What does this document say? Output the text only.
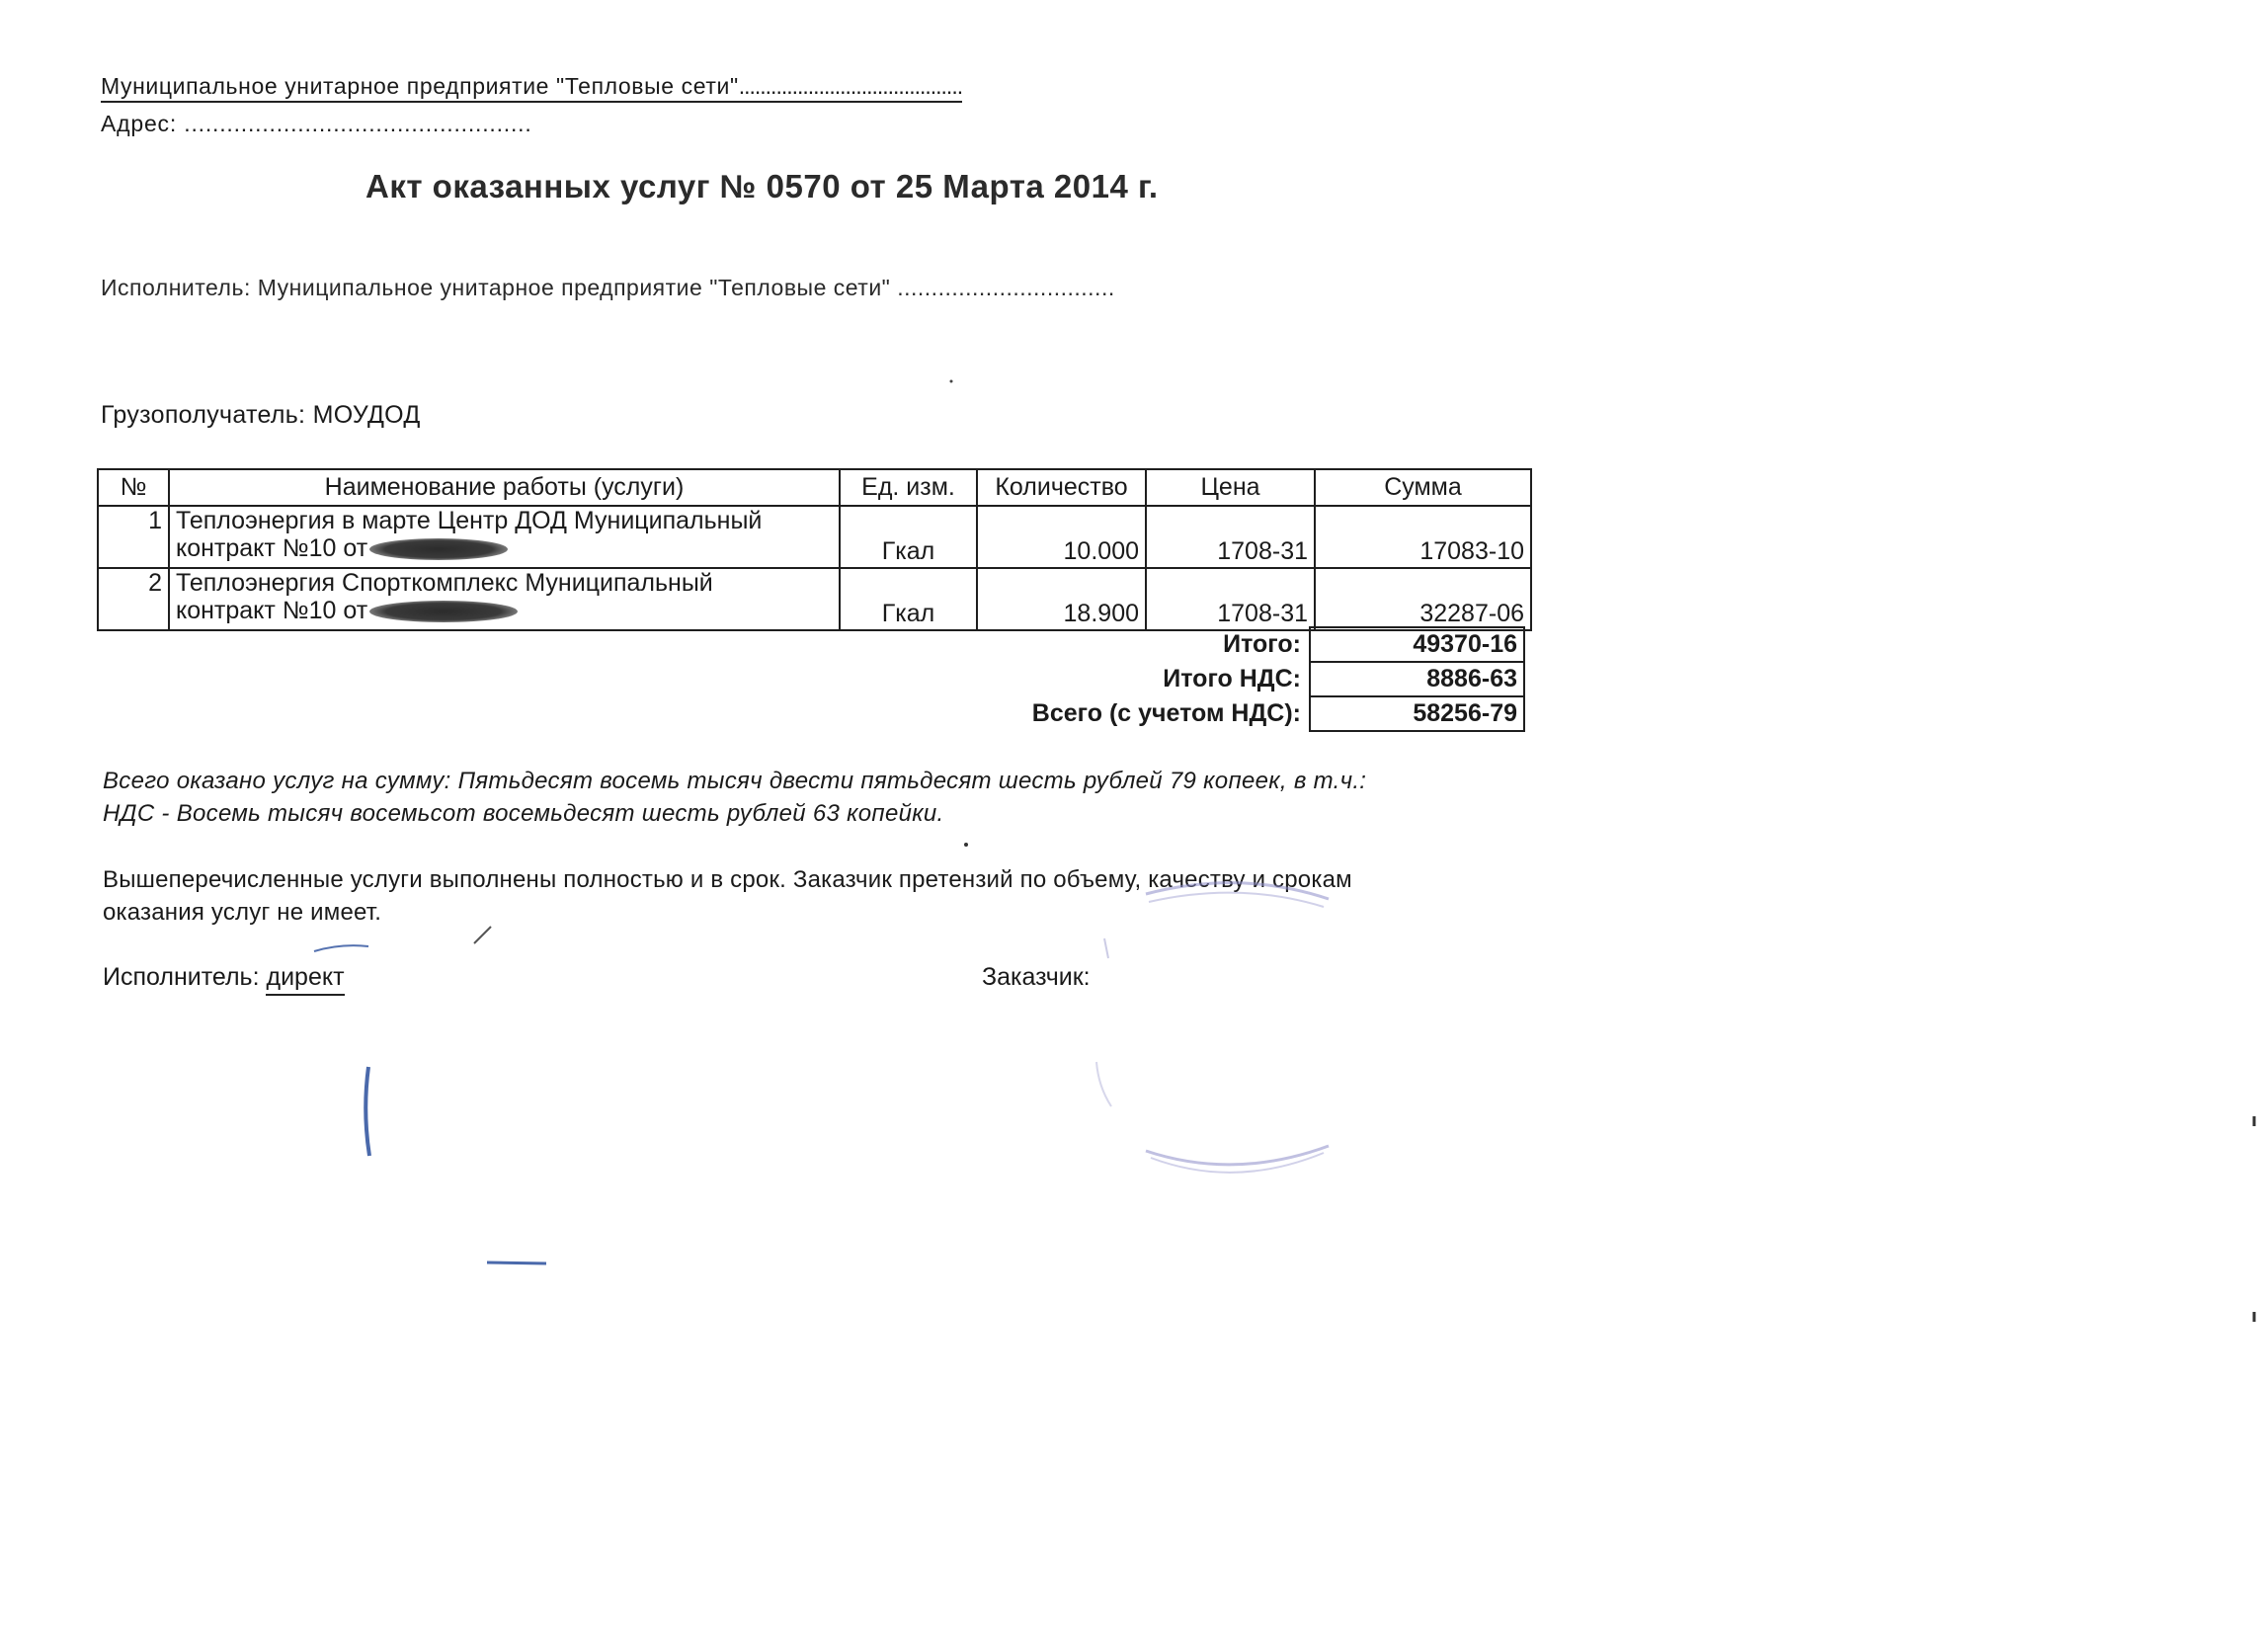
Муниципальное унитарное предприятие "Тепловые сети"..........................................
Адрес: .................................................
Акт оказанных услуг № 0570 от 25 Марта 2014 г.
Исполнитель: Муниципальное унитарное предприятие "Тепловые сети" ................................
Грузополучатель: МОУДОД
№	Наименование работы (услуги)	Ед. изм.	Количество	Цена	Сумма
1	Теплоэнергия в марте Центр ДОД Муниципальный
контракт №10 от	Гкал	10.000	1708-31	17083-10
2	Теплоэнергия Спорткомплекс Муниципальный
контракт №10 от	Гкал	18.900	1708-31	32287-06
Итого:	49370-16
Итого НДС:	8886-63
Всего (с учетом НДС):	58256-79
Всего оказано услуг на сумму: Пятьдесят восемь тысяч двести пятьдесят шесть рублей 79 копеек, в т.ч.:
НДС - Восемь тысяч восемьсот восемьдесят шесть рублей 63 копейки.
Вышеперечисленные услуги выполнены полностью и в срок. Заказчик претензий по объему, качеству и срокам
оказания услуг не имеет.
Исполнитель: директ	Заказчик:
